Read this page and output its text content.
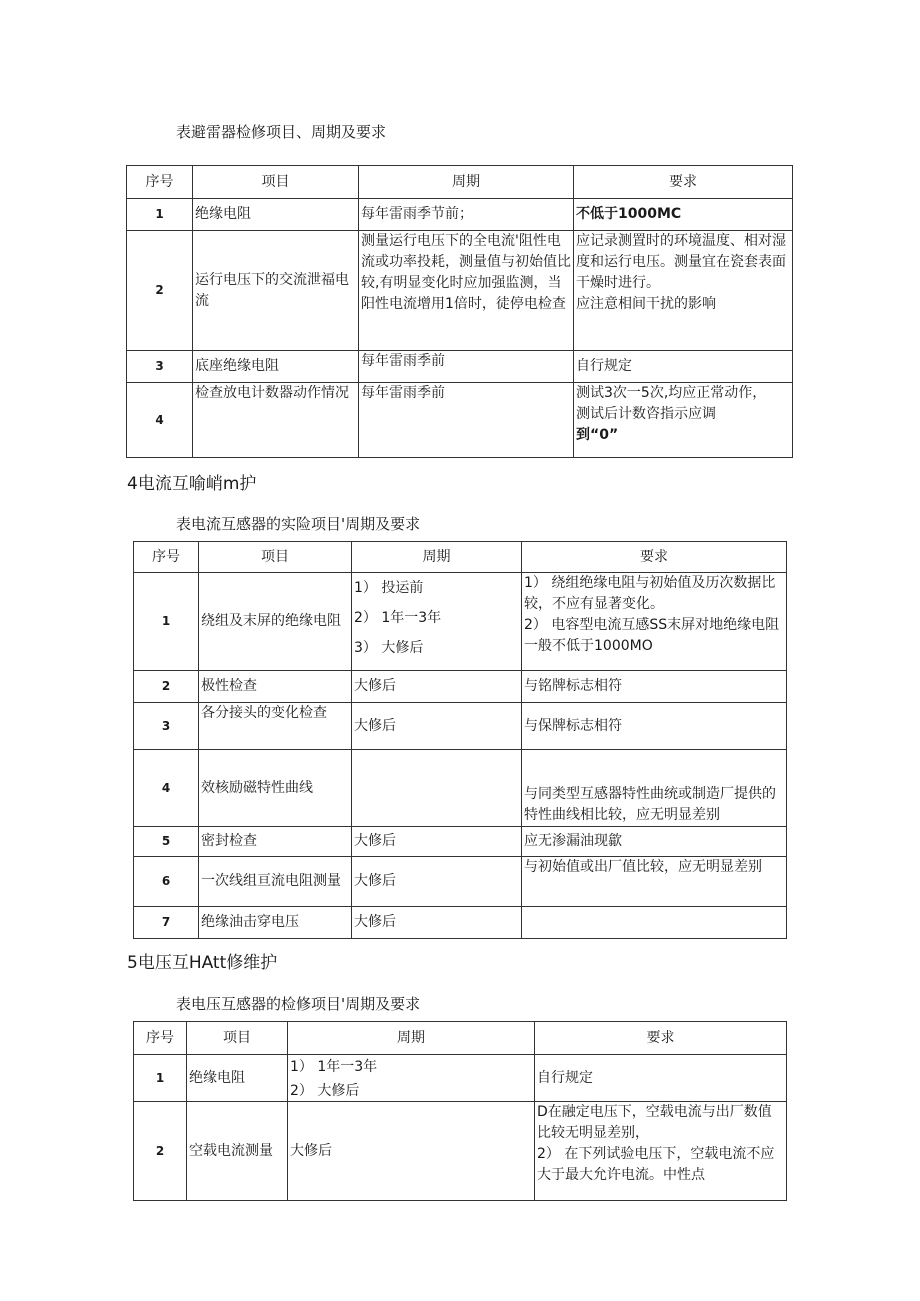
表避雷器检修项目、周期及要求
序号	项目	周期	要求
1	绝缘电阻	每年雷雨季节前；	不低于1000MC
2	运行电压下的交流泄福电流	测量运行电压下的全电流'阻性电流或功率投耗，测量值与初始值比较,有明显变化时应加强监测，当阳性电流增用1倍时，徒停电检查	应记录测置时的环境温度、相对湿度和运行电压。测量宜在瓷套表面干燥时进行。
应注意相间干扰的影响

3	底座绝缘电阻	每年雷雨季前	自行规定
4	检查放电计数器动作情况	每年雷雨季前	测试3次一5次,均应正常动作，
测试后计数咨指示应调
到“0”
4电流互喻峭m护
表电流互感器的实险项目'周期及要求
序号	项目	周期	要求
1	绕组及末屏的绝缘电阻	1） 投运前
2） 1年一3年
3） 大修后	1） 绕组绝缘电阻与初始值及历次数据比较，不应有显著变化。
2） 电容型电流互感SS末屏对地绝缘电阻一般不低于1000MO

2	极性检查	大修后	与铭牌标志相符
3	各分接头的变化检查	大修后	与保牌标志相符
4	效核励磁特性曲线		与同类型互感器特性曲统或制造厂提供的特性曲线相比较，应无明显差别
5	密封检查	大修后	应无渗漏油现歙
6	一次线组亘流电阻测量	大修后	与初始值或出厂值比较，应无明显差别
7	绝缘油击穿电压	大修后	
5电压互HAtt修维护
表电压互感器的检修项目'周期及要求
序号	项目	周期	要求
1	绝缘电阻	1） 1年一3年
2） 大修后	自行规定
2	空载电流测量	大修后	D在融定电压下，空载电流与出厂数值比较无明显差别，
2） 在下列试验电压下，空载电流不应大于最大允许电流。中性点
